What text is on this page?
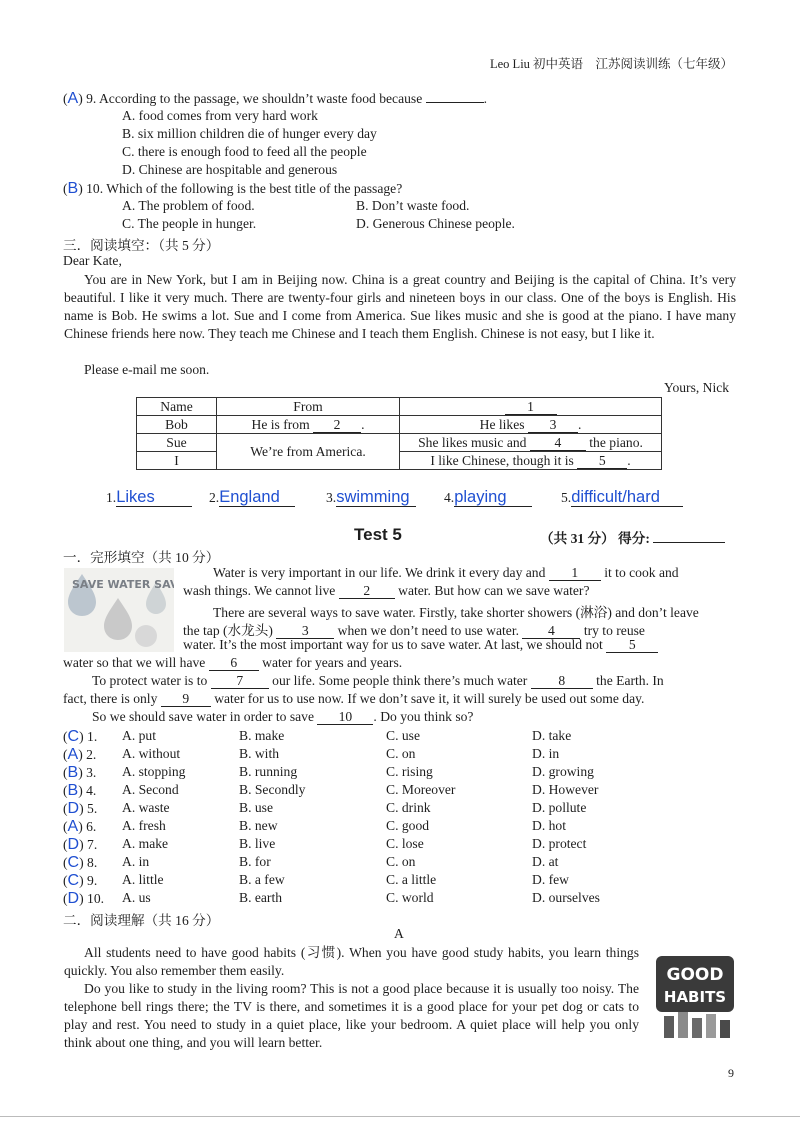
Leo Liu 初中英语　江苏阅读训练（七年级）
(A) 9. According to the passage, we shouldn’t waste food because	.
A. food comes from very hard work
B. six million children die of hunger every day
C. there is enough food to feed all the people
D. Chinese are hospitable and generous
(B) 10. Which of the following is the best title of the passage?
A. The problem of food.	B. Don’t waste food.
C. The people in hunger.	D. Generous Chinese people.
三．阅读填空：（共 5 分）
Dear Kate,
You are in New York, but I am in Beijing now. China is a great country and Beijing is the capital of China. It’s very beautiful. I like it very much. There are twenty-four girls and nineteen boys in our class. One of the boys is English. His name is Bob. He swims a lot. Sue and I come from America. Sue likes music and she is good at the piano. I have many Chinese friends here now. They teach me Chinese and I teach them English. Chinese is not easy, but I like it.
Please e-mail me soon.
Yours, Nick
Name	From	1
Bob	He is from 2 .	He likes 3 .
Sue	We’re from America.	She likes music and 4 the piano.
I		I like Chinese, though it is 5 .
1.Likes	2.England	3.swimming	4.playing	5.difficult/hard
Test 5	（共 31 分） 得分:
一．完形填空（共 10 分）
SAVE WATER SA
Water is very important in our life. We drink it every day and 1 it to cook and
wash things. We cannot live 2 water. But how can we save water?
There are several ways to save water. Firstly, take shorter showers (淋浴) and don’t leave
the tap (水龙头) 3 when we don’t need to use water. 4 try to reuse
water. It’s the most important way for us to save water. At last, we should not 5
water so that we will have 6 water for years and years.
To protect water is to 7 our life. Some people think there’s much water 8 the Earth. In
fact, there is only 9 water for us to use now. If we don’t save it, it will surely be used out some day.
So we should save water in order to save 10 . Do you think so?
(C) 1. A. put	B. make	C. use	D. take
(A) 2. A. without	B. with	C. on	D. in
(B) 3. A. stopping	B. running	C. rising	D. growing
(B) 4. A. Second	B. Secondly	C. Moreover	D. However
(D) 5. A. waste	B. use	C. drink	D. pollute
(A) 6. A. fresh	B. new	C. good	D. hot
(D) 7. A. make	B. live	C. lose	D. protect
(C) 8. A. in	B. for	C. on	D. at
(C) 9. A. little	B. a few	C. a little	D. few
(D) 10. A. us	B. earth	C. world	D. ourselves
二．阅读理解（共 16 分）
A
All students need to have good habits (习惯). When you have good study habits, you learn things quickly. You also remember them easily.
Do you like to study in the living room? This is not a good place because it is usually too noisy. The telephone bell rings there; the TV is there, and sometimes it is a good place for your pet dog or cats to play and rest. You need to study in a quiet place, like your bedroom. A quiet place will help you only think about one thing, and you will learn better.
GOOD
HABITS
9
